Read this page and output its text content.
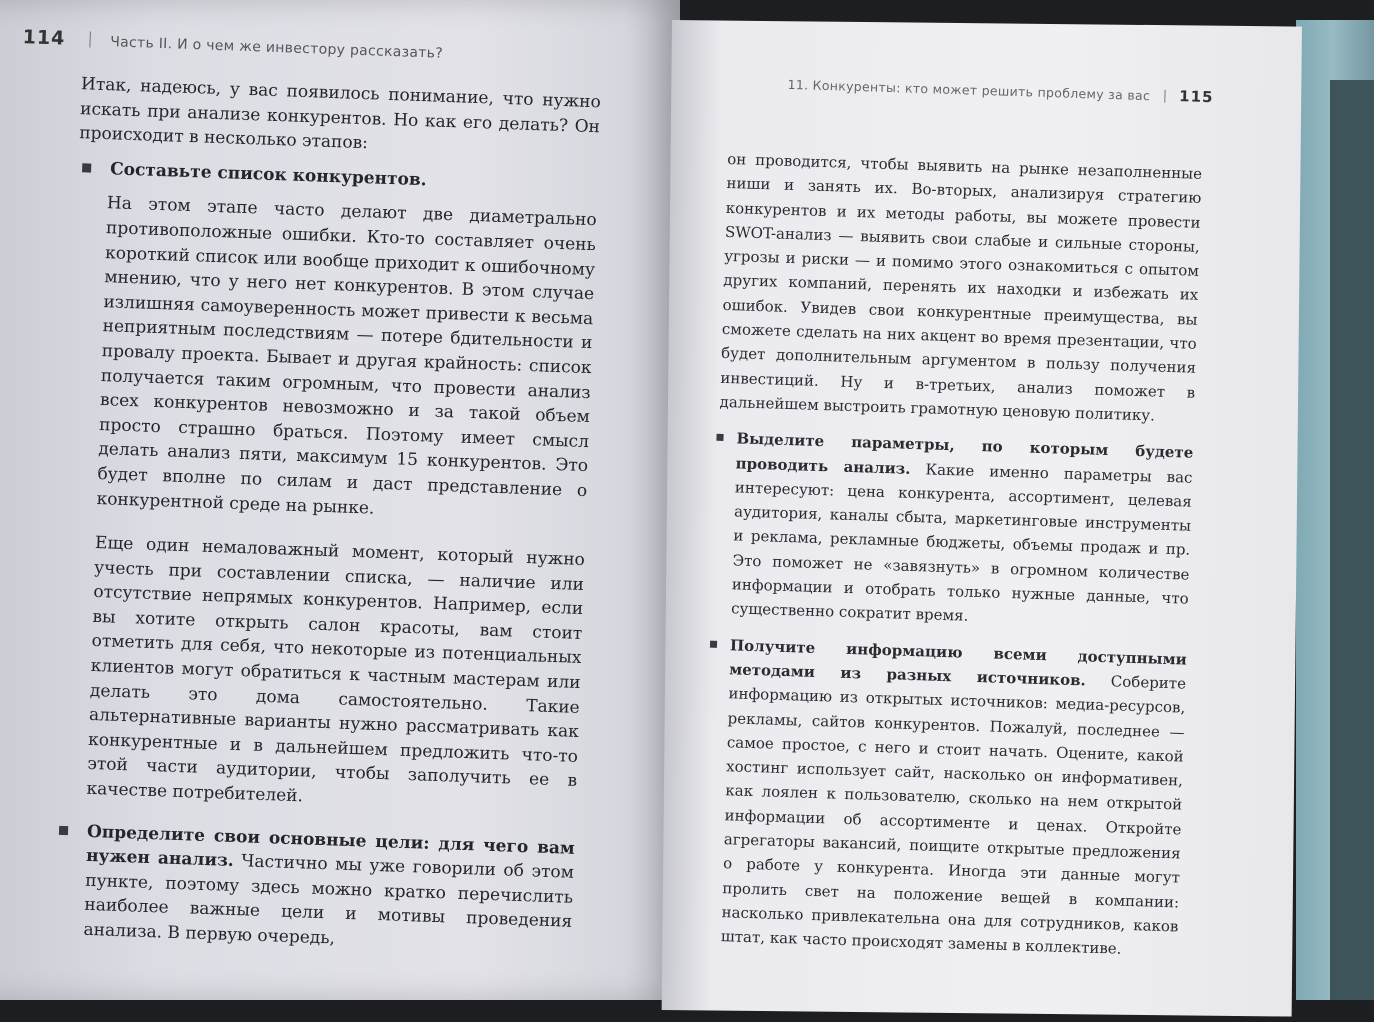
114	Часть II. И о чем же инвестору рассказать?

Итак, надеюсь, у вас появилось понимание, что нужно искать при анализе конкурентов. Но как его делать? Он происходит в несколько этапов:

Составьте список конкурентов.

На этом этапе часто делают две диаметрально противоположные ошибки. Кто-то составляет очень короткий список или вообще приходит к ошибочному мнению, что у него нет конкурентов. В этом случае излишняя самоуверенность может привести к весьма неприятным последствиям — потере бдительности и провалу проекта. Бывает и другая крайность: список получается таким огромным, что провести анализ всех конкурентов невозможно и за такой объем просто страшно браться. Поэтому имеет смысл делать анализ пяти, максимум 15 конкурентов. Это будет вполне по силам и даст представление о конкурентной среде на рынке.

Еще один немаловажный момент, который нужно учесть при составлении списка, — наличие или отсутствие непрямых конкурентов. Например, если вы хотите открыть салон красоты, вам стоит отметить для себя, что некоторые из потенциальных клиентов могут обратиться к частным мастерам или делать это дома самостоятельно. Такие альтернативные варианты нужно рассматривать как конкурентные и в дальнейшем предложить что-то этой части аудитории, чтобы заполучить ее в качестве потребителей.

Определите свои основные цели: для чего вам нужен анализ. Частично мы уже говорили об этом пункте, поэтому здесь можно кратко перечислить наиболее важные цели и мотивы проведения анализа. В первую очередь,
11. Конкуренты: кто может решить проблему за вас 115

он проводится, чтобы выявить на рынке незаполненные ниши и занять их. Во-вторых, анализируя стратегию конкурентов и их методы работы, вы можете провести SWOT-анализ — выявить свои слабые и сильные стороны, угрозы и риски — и помимо этого ознакомиться с опытом других компаний, перенять их находки и избежать их ошибок. Увидев свои конкурентные преимущества, вы сможете сделать на них акцент во время презентации, что будет дополнительным аргументом в пользу получения инвестиций. Ну и в-третьих, анализ поможет в дальнейшем выстроить грамотную ценовую политику.

Выделите параметры, по которым будете проводить анализ. Какие именно параметры вас интересуют: цена конкурента, ассортимент, целевая аудитория, каналы сбыта, маркетинговые инструменты и реклама, рекламные бюджеты, объемы продаж и пр. Это поможет не «завязнуть» в огромном количестве информации и отобрать только нужные данные, что существенно сократит время.
Получите информацию всеми доступными методами из разных источников. Соберите информацию из открытых источников: медиа-ресурсов, рекламы, сайтов конкурентов. Пожалуй, последнее — самое простое, с него и стоит начать. Оцените, какой хостинг использует сайт, насколько он информативен, как лоялен к пользователю, сколько на нем открытой информации об ассортименте и ценах. Откройте агрегаторы вакансий, поищите открытые предложения о работе у конкурента. Иногда эти данные могут пролить свет на положение вещей в компании: насколько привлекательна она для сотрудников, каков штат, как часто происходят замены в коллективе.
